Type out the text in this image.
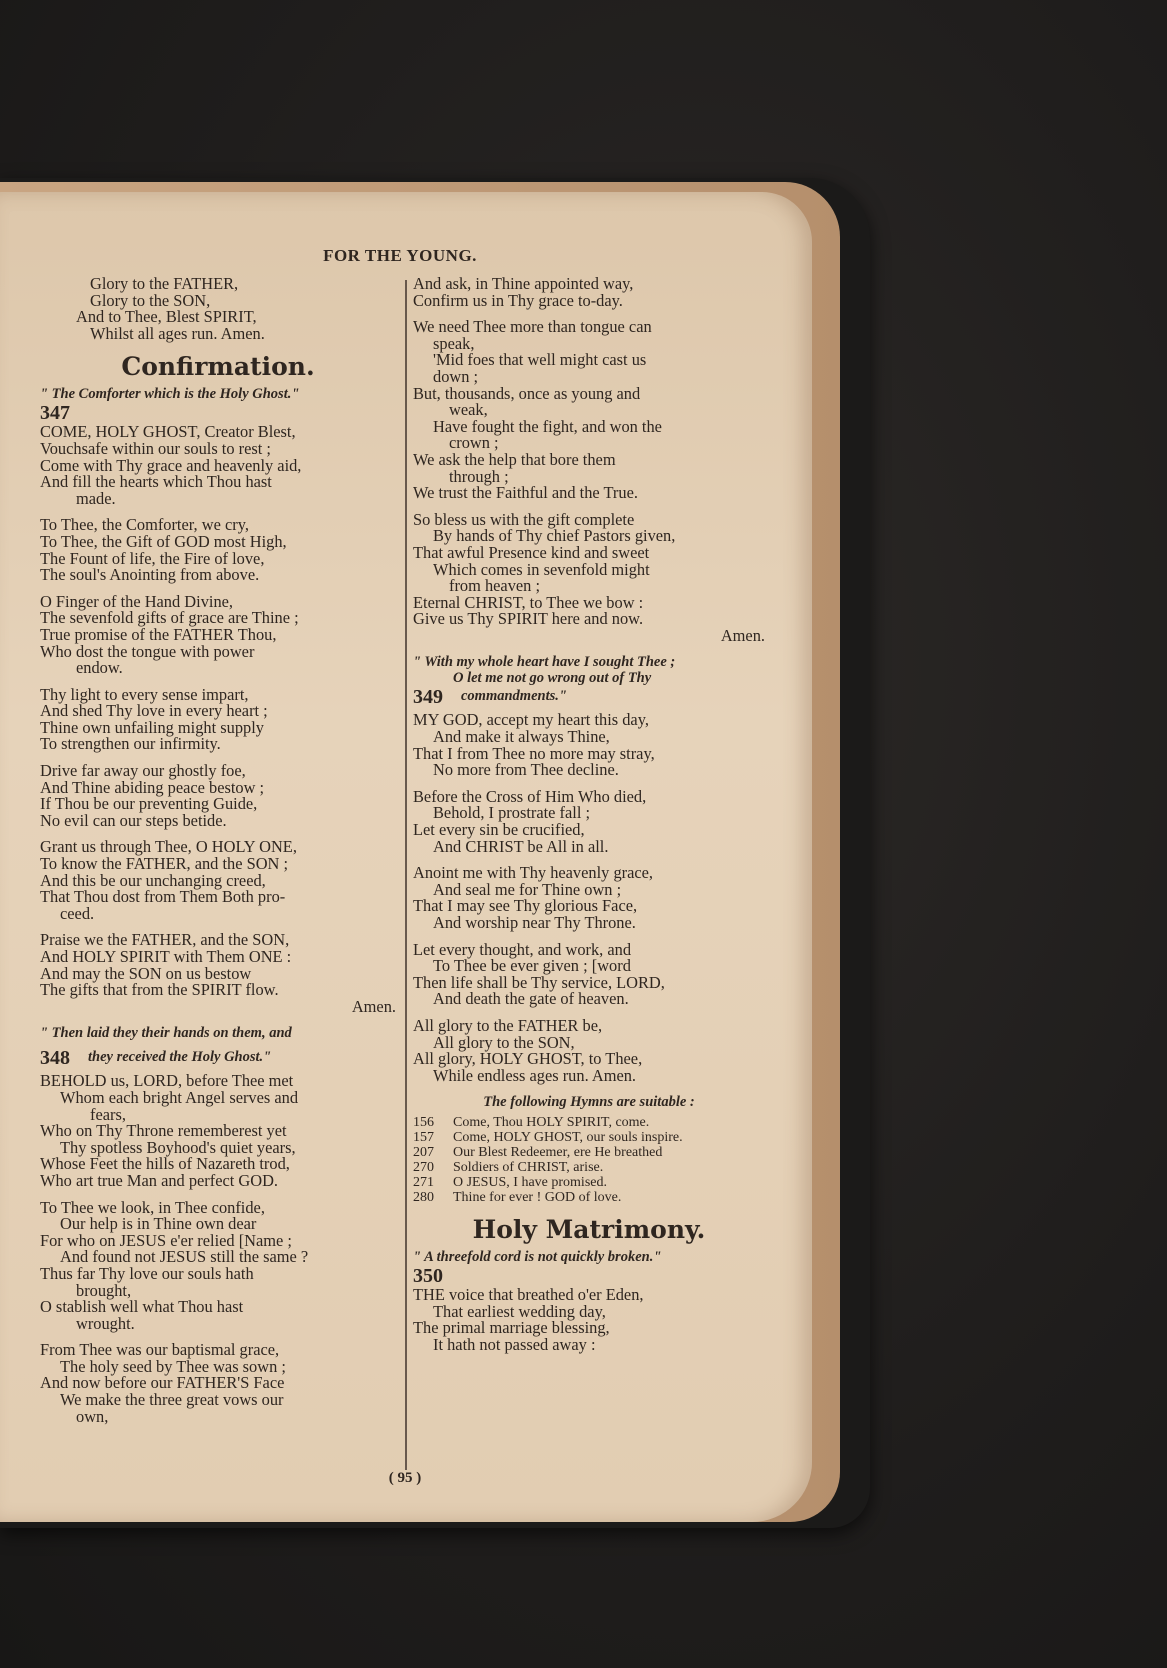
FOR THE YOUNG.
Glory to the FATHER,
Glory to the SON,
And to Thee, Blest SPIRIT,
Whilst all ages run. Amen.
Confirmation.
" The Comforter which is the Holy Ghost."
347
COME, HOLY GHOST, Creator Blest,
Vouchsafe within our souls to rest ;
Come with Thy grace and heavenly aid,
And fill the hearts which Thou hast
made.
To Thee, the Comforter, we cry,
To Thee, the Gift of GOD most High,
The Fount of life, the Fire of love,
The soul's Anointing from above.
O Finger of the Hand Divine,
The sevenfold gifts of grace are Thine ;
True promise of the FATHER Thou,
Who dost the tongue with power
endow.
Thy light to every sense impart,
And shed Thy love in every heart ;
Thine own unfailing might supply
To strengthen our infirmity.
Drive far away our ghostly foe,
And Thine abiding peace bestow ;
If Thou be our preventing Guide,
No evil can our steps betide.
Grant us through Thee, O HOLY ONE,
To know the FATHER, and the SON ;
And this be our unchanging creed,
That Thou dost from Them Both pro-
ceed.
Praise we the FATHER, and the SON,
And HOLY SPIRIT with Them ONE :
And may the SON on us bestow
The gifts that from the SPIRIT flow.
Amen.
" Then laid they their hands on them, and
348 they received the Holy Ghost."
BEHOLD us, LORD, before Thee met
Whom each bright Angel serves and
fears,
Who on Thy Throne rememberest yet
Thy spotless Boyhood's quiet years,
Whose Feet the hills of Nazareth trod,
Who art true Man and perfect GOD.
To Thee we look, in Thee confide,
Our help is in Thine own dear
For who on JESUS e'er relied [Name ;
And found not JESUS still the same ?
Thus far Thy love our souls hath
brought,
O stablish well what Thou hast
wrought.
From Thee was our baptismal grace,
The holy seed by Thee was sown ;
And now before our FATHER'S Face
We make the three great vows our
own,
And ask, in Thine appointed way,
Confirm us in Thy grace to-day.
We need Thee more than tongue can
speak,
'Mid foes that well might cast us
down ;
But, thousands, once as young and
weak,
Have fought the fight, and won the
crown ;
We ask the help that bore them
through ;
We trust the Faithful and the True.
So bless us with the gift complete
By hands of Thy chief Pastors given,
That awful Presence kind and sweet
Which comes in sevenfold might
from heaven ;
Eternal CHRIST, to Thee we bow :
Give us Thy SPIRIT here and now.
Amen.
" With my whole heart have I sought Thee ;
O let me not go wrong out of Thy
349 commandments."
MY GOD, accept my heart this day,
And make it always Thine,
That I from Thee no more may stray,
No more from Thee decline.
Before the Cross of Him Who died,
Behold, I prostrate fall ;
Let every sin be crucified,
And CHRIST be All in all.
Anoint me with Thy heavenly grace,
And seal me for Thine own ;
That I may see Thy glorious Face,
And worship near Thy Throne.
Let every thought, and work, and
To Thee be ever given ; [word
Then life shall be Thy service, LORD,
And death the gate of heaven.
All glory to the FATHER be,
All glory to the SON,
All glory, HOLY GHOST, to Thee,
While endless ages run. Amen.
The following Hymns are suitable :
156	Come, Thou HOLY SPIRIT, come.
157	Come, HOLY GHOST, our souls inspire.
207	Our Blest Redeemer, ere He breathed
270	Soldiers of CHRIST, arise.
271	O JESUS, I have promised.
280	Thine for ever ! GOD of love.
Holy Matrimony.
" A threefold cord is not quickly broken."
350
THE voice that breathed o'er Eden,
That earliest wedding day,
The primal marriage blessing,
It hath not passed away :
( 95 )
